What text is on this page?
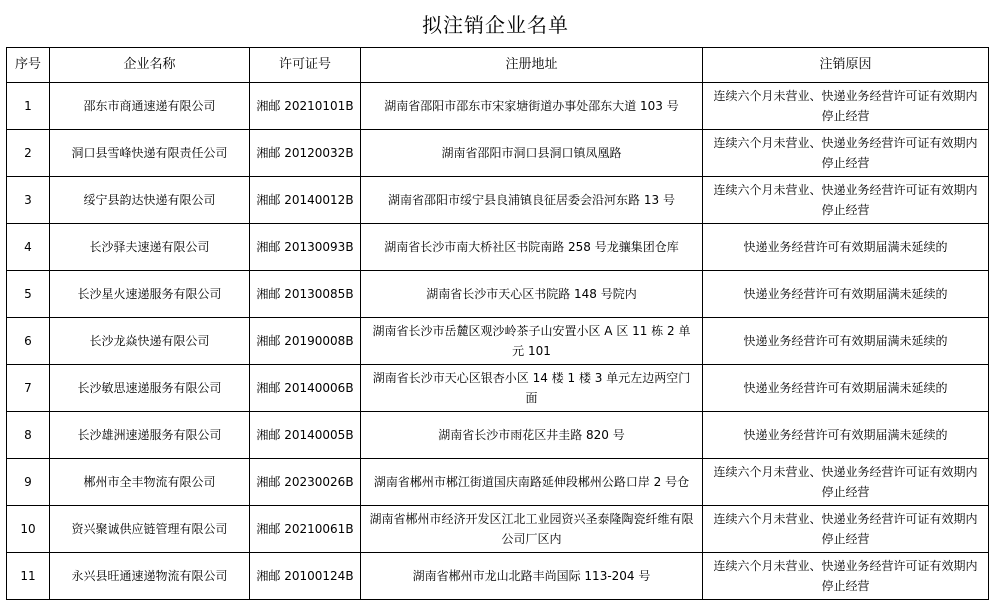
拟注销企业名单
序号	企业名称	许可证号	注册地址	注销原因
1	邵东市商通速递有限公司	湘邮 20210101B	湖南省邵阳市邵东市宋家塘街道办事处邵东大道 103 号	连续六个月未营业、快递业务经营许可证有效期内停止经营
2	洞口县雪峰快递有限责任公司	湘邮 20120032B	湖南省邵阳市洞口县洞口镇凤凰路	连续六个月未营业、快递业务经营许可证有效期内停止经营
3	绥宁县韵达快递有限公司	湘邮 20140012B	湖南省邵阳市绥宁县良浦镇良征居委会沿河东路 13 号	连续六个月未营业、快递业务经营许可证有效期内停止经营
4	长沙驿夫速递有限公司	湘邮 20130093B	湖南省长沙市南大桥社区书院南路 258 号龙骧集团仓库	快递业务经营许可有效期届满未延续的
5	长沙星火速递服务有限公司	湘邮 20130085B	湖南省长沙市天心区书院路 148 号院内	快递业务经营许可有效期届满未延续的
6	长沙龙焱快递有限公司	湘邮 20190008B	湖南省长沙市岳麓区观沙岭茶子山安置小区 A 区 11 栋 2 单元 101	快递业务经营许可有效期届满未延续的
7	长沙敏思速递服务有限公司	湘邮 20140006B	湖南省长沙市天心区银杏小区 14 楼 1 楼 3 单元左边两空门面	快递业务经营许可有效期届满未延续的
8	长沙雄洲速递服务有限公司	湘邮 20140005B	湖南省长沙市雨花区井圭路 820 号	快递业务经营许可有效期届满未延续的
9	郴州市全丰物流有限公司	湘邮 20230026B	湖南省郴州市郴江街道国庆南路延伸段郴州公路口岸 2 号仓	连续六个月未营业、快递业务经营许可证有效期内停止经营
10	资兴聚诚供应链管理有限公司	湘邮 20210061B	湖南省郴州市经济开发区江北工业园资兴圣泰隆陶瓷纤维有限公司厂区内	连续六个月未营业、快递业务经营许可证有效期内停止经营
11	永兴县旺通速递物流有限公司	湘邮 20100124B	湖南省郴州市龙山北路丰尚国际 113-204 号	连续六个月未营业、快递业务经营许可证有效期内停止经营
